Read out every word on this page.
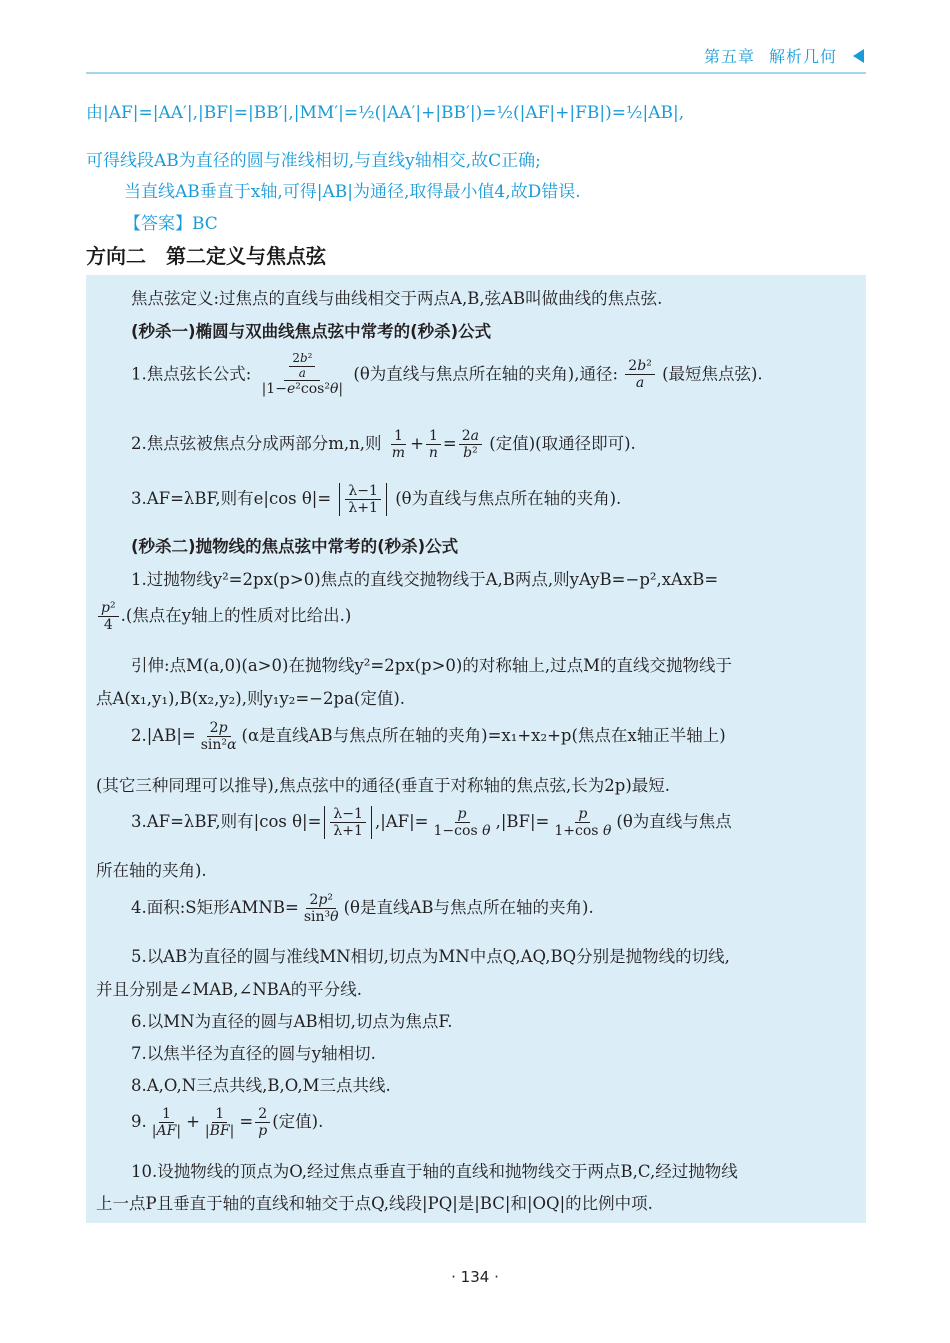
第五章 解析几何
由|AF|=|AA′|,|BF|=|BB′|,|MM′|=½(|AA′|+|BB′|)=½(|AF|+|FB|)=½|AB|,
可得线段AB为直径的圆与准线相切,与直线y轴相交,故C正确;
当直线AB垂直于x轴,可得|AB|为通径,取得最小值4,故D错误.
【答案】BC
方向二　第二定义与焦点弦
焦点弦定义:过焦点的直线与曲线相交于两点A,B,弦AB叫做曲线的焦点弦.
(秒杀一)椭圆与双曲线焦点弦中常考的(秒杀)公式
1.焦点弦长公式: $\frac{\frac{\text{2b²}}{a}}{\text{|1−e²cos²θ|}} (\theta$为直线与焦点所在轴的夹角),通径: $\frac{\text{2b²}}{a}$ (最短焦点弦).
2.焦点弦被焦点分成两部分m,n,则 $\frac{1}{m} + \frac{1}{n} = \frac{2a}{\text{b²}}$ (定值)(取通径即可).
3.AF=λBF,则有e|cos $\theta|= \frac{\lambda-1}{\lambda+1} (\theta$为直线与焦点所在轴的夹角).
(秒杀二)抛物线的焦点弦中常考的(秒杀)公式
1.过抛物线y²=2px(p>0)焦点的直线交抛物线于A,B两点,则yAyB=−p²,xAxB=
$\frac{\text{p²}}{4}$ .(焦点在y轴上的性质对比给出.)
引伸:点M(a,0)(a>0)在抛物线y²=2px(p>0)的对称轴上,过点M的直线交抛物线于
点A(x₁,y₁),B(x₂,y₂),则y₁y₂=−2pa(定值).
$2.|AB|= \frac{2p}{\text{sin²α}} (\alpha$是直线AB与焦点所在轴的夹角)=x₁+x₂+p(焦点在x轴正半轴上)
(其它三种同理可以推导),焦点弦中的通径(垂直于对称轴的焦点弦,长为2p)最短.
3.AF=λBF,则有|cos $\theta|= \frac{\lambda-1}{\lambda+1} ,|AF|= \frac{p}{\text{1−cos θ}} ,|BF|= \frac{p}{\text{1+cos θ}} (\theta$为直线与焦点
所在轴的夹角).
4.面积:S矩形AMNB= $\frac{\text{2p²}}{\text{sin³θ}} (\theta$是直线AB与焦点所在轴的夹角).
5.以AB为直径的圆与准线MN相切,切点为MN中点Q,AQ,BQ分别是抛物线的切线,
并且分别是∠MAB,∠NBA的平分线.
6.以MN为直径的圆与AB相切,切点为焦点F.
7.以焦半径为直径的圆与y轴相切.
8.A,O,N三点共线,B,O,M三点共线.
9. $\frac{1}{|AF|} + \frac{1}{|BF|} = \frac{2}{p}$ (定值).
10.设抛物线的顶点为O,经过焦点垂直于轴的直线和抛物线交于两点B,C,经过抛物线
上一点P且垂直于轴的直线和轴交于点Q,线段|PQ|是|BC|和|OQ|的比例中项.
· 134 ·
